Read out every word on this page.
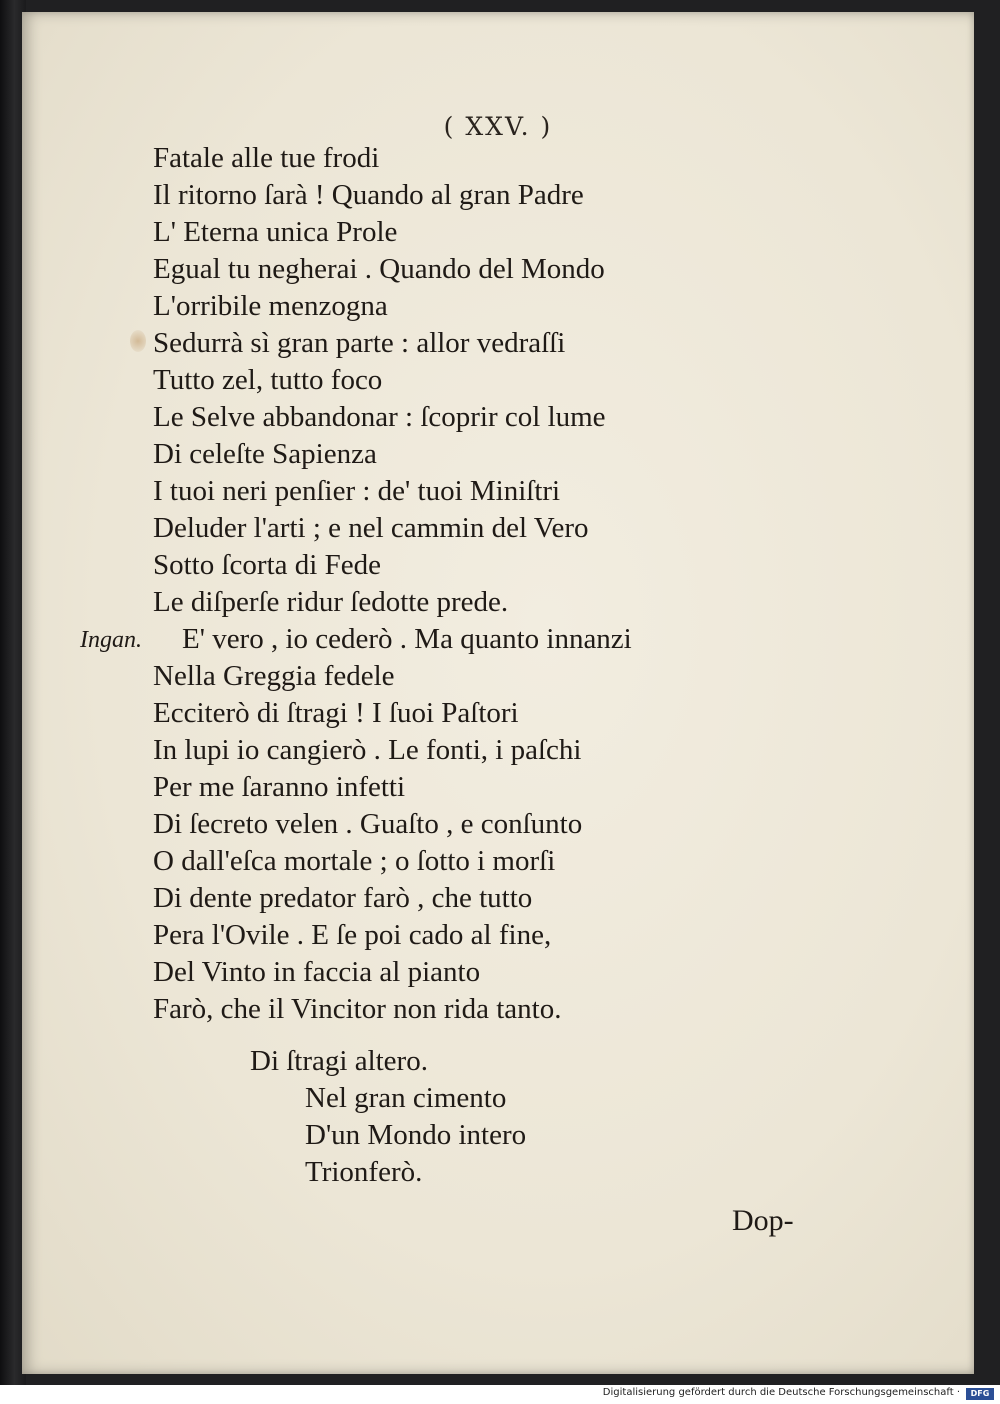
( XXV. )
Fatale alle tue frodi
Il ritorno ſarà ! Quando al gran Padre
L' Eterna unica Prole
Egual tu negherai . Quando del Mondo
L'orribile menzogna
Sedurrà sì gran parte : allor vedraſſi
Tutto zel, tutto foco
Le Selve abbandonar : ſcoprir col lume
Di celeſte Sapienza
I tuoi neri penſier : de' tuoi Miniſtri
Deluder l'arti ; e nel cammin del Vero
Sotto ſcorta di Fede
Le diſperſe ridur ſedotte prede.
Ingan. E' vero , io cederò . Ma quanto innanzi
Nella Greggia fedele
Ecciterò di ſtragi ! I ſuoi Paſtori
In lupi io cangierò . Le fonti, i paſchi
Per me ſaranno infetti
Di ſecreto velen . Guaſto , e conſunto
O dall'eſca mortale ; o ſotto i morſi
Di dente predator farò , che tutto
Pera l'Ovile . E ſe poi cado al fine,
Del Vinto in faccia al pianto
Farò, che il Vincitor non rida tanto.
Di ſtragi altero.
Nel gran cimento
D'un Mondo intero
Trionferò.
Dop-
Digitalisierung gefördert durch die Deutsche Forschungsgemeinschaft ·	DFG
